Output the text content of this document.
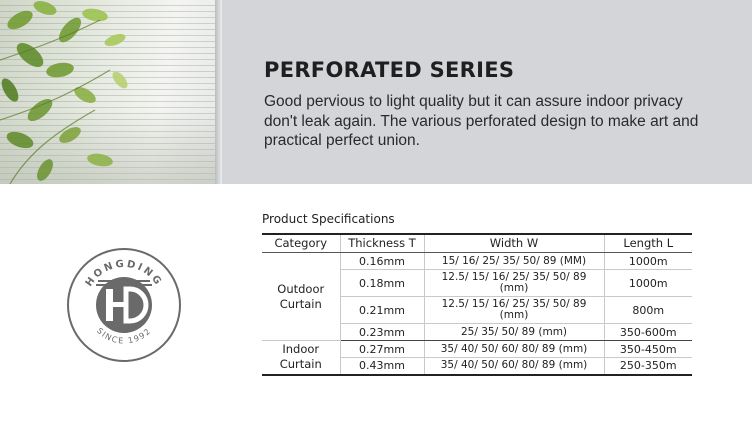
PERFORATED SERIES

Good pervious to light quality but it can assure indoor privacy don't leak again. The various perforated design to make art and practical perfect union.

HONGDING
SINCE 1992

Product Specifications

Category	Thickness T	Width W	Length L
Outdoor Curtain	0.16mm	15/ 16/ 25/ 35/ 50/ 89 (MM)	1000m
	0.18mm	12.5/ 15/ 16/ 25/ 35/ 50/ 89 (mm)	1000m
	0.21mm	12.5/ 15/ 16/ 25/ 35/ 50/ 89 (mm)	800m
	0.23mm	25/ 35/ 50/ 89 (mm)	350-600m
Indoor Curtain	0.27mm	35/ 40/ 50/ 60/ 80/ 89 (mm)	350-450m
	0.43mm	35/ 40/ 50/ 60/ 80/ 89 (mm)	250-350m
